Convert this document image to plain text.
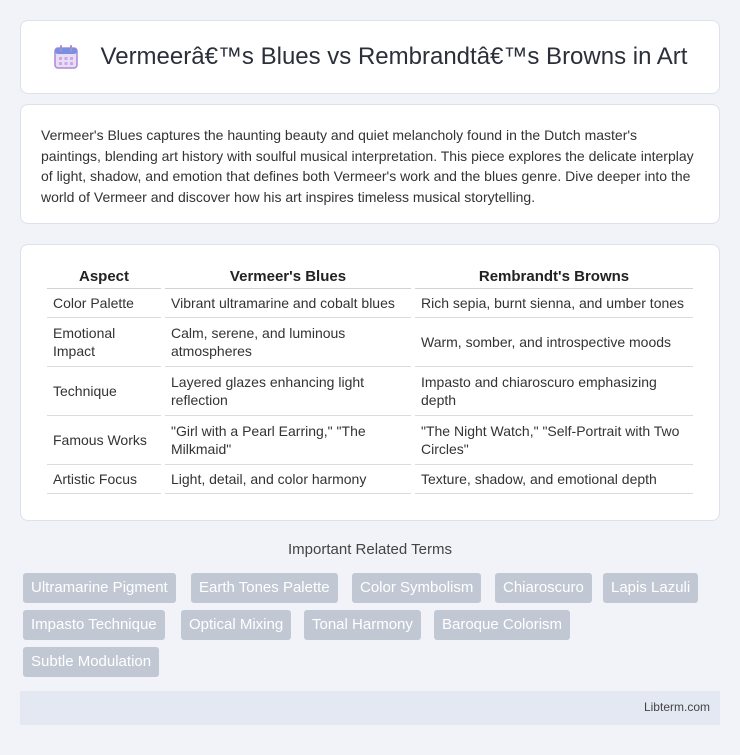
Vermeerâ€™s Blues vs Rembrandtâ€™s Browns in Art

Vermeer's Blues captures the haunting beauty and quiet melancholy found in the Dutch master's paintings, blending art history with soulful musical interpretation. This piece explores the delicate interplay of light, shadow, and emotion that defines both Vermeer's work and the blues genre. Dive deeper into the world of Vermeer and discover how his art inspires timeless musical storytelling.

Aspect	Vermeer's Blues	Rembrandt's Browns
Color Palette	Vibrant ultramarine and cobalt blues	Rich sepia, burnt sienna, and umber tones
Emotional Impact	Calm, serene, and luminous atmospheres	Warm, somber, and introspective moods
Technique	Layered glazes enhancing light reflection	Impasto and chiaroscuro emphasizing depth
Famous Works	"Girl with a Pearl Earring," "The Milkmaid"	"The Night Watch," "Self-Portrait with Two Circles"
Artistic Focus	Light, detail, and color harmony	Texture, shadow, and emotional depth
Important Related Terms
Ultramarine Pigment	Earth Tones Palette	Color Symbolism	Chiaroscuro	Lapis Lazuli
Impasto Technique	Optical Mixing	Tonal Harmony	Baroque Colorism
Subtle Modulation
Libterm.com
